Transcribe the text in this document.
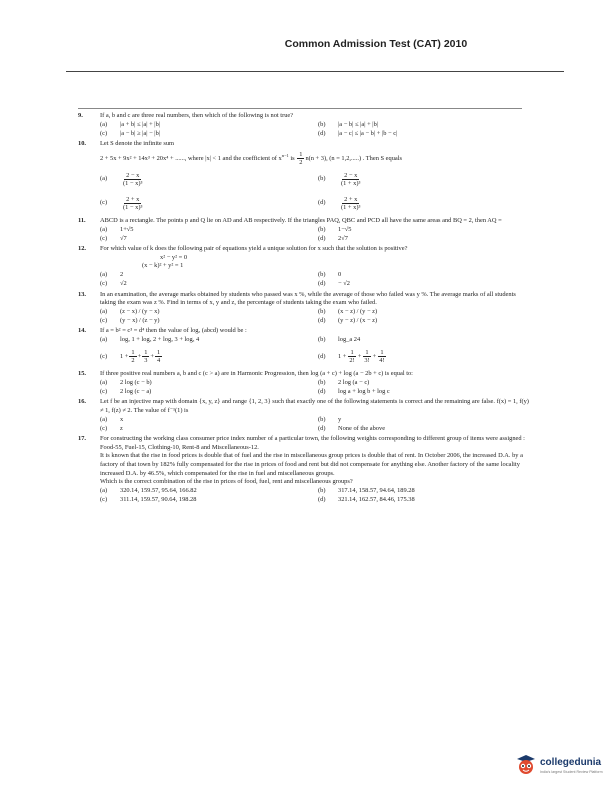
Common Admission Test (CAT) 2010
9.	If a, b and c are three real numbers, then which of the following is not true?

(a)	|a + b| ≤ |a| + |b|	(b)	|a − b| ≤ |a| + |b|
(c)	|a − b| ≥ |a| − |b|	(d)	|a − c| ≤ |a − b| + |b − c|
10. Let S denote the infinite sum

2 + 5x + 9x² + 14x³ + 20x⁴ + ......, where |x| < 1 and the coefficient of $x^{n-1}$ is $\frac{1}{2} n(n + 3)$, (n = 1,2,.....) . Then S equals

(a)	$\frac{2 - x}{\text{(1 − x)³}}$	(b)	$\frac{2 - x}{\text{(1 + x)³}}$
(c)	$\frac{2 + x}{\text{(1 − x)³}}$	(d)	$\frac{2 + x}{\text{(1 + x)³}}$
11. ABCD is a rectangle. The points p and Q lie on AD and AB respectively. If the triangles PAQ, QBC and PCD all have the same areas and BQ = 2, then AQ =

(a)	1+√5	(b)	1−√5
(c)	√7	(d)	2√7
12. For which value of k does the following pair of equations yield a unique solution for x such that the solution is positive?

x² − y² = 0

(x − k)² + y² = 1

(a)	2	(b)	0
(c)	√2	(d)	− √2
13. In an examination, the average marks obtained by students who passed was x %, while the average of those who failed was y %. The average marks of all students taking the exam was z %. Find in terms of x, y and z, the percentage of students taking the exam who failed.

(a)	(z − x) / (y − x)	(b)	(x − z) / (y − z)
(c)	(y − x) / (z − y)	(d)	(y − z) / (x − z)
14. If a = b² = c³ = d⁴ then the value of logₐ (abcd) would be :

(a)	logₐ 1 + logₐ 2 + logₐ 3 + logₐ 4	(b)	log_a 24
(c)	$1 + \frac{1}{2} + \frac{1}{3} + \frac{1}{4}$	(d)	$1 + \frac{1}{2!} + \frac{1}{3!} + \frac{1}{4!}$
15. If three positive real numbers a, b and c (c > a) are in Harmonic Progression, then log (a + c) + log (a − 2b + c) is equal to:

(a)	2 log (c − b)	(b)	2 log (a − c)
(c)	2 log (c − a)	(d)	log a + log b + log c
16. Let f be an injective map with domain {x, y, z} and range {1, 2, 3} such that exactly one of the following statements is correct and the remaining are false. f(x) = 1, f(y) ≠ 1, f(z) ≠ 2. The value of f⁻¹(1) is

(a)	x	(b)	y
(c)	z	(d)	None of the above
17. For constructing the working class consumer price index number of a particular town, the following weights corresponding to different group of items were assigned : Food-55, Fuel-15, Clothing-10, Rent-8 and Miscellaneous-12.

It is known that the rise in food prices is double that of fuel and the rise in miscellaneous group prices is double that of rent. In October 2006, the increased D.A. by a factory of that town by 182% fully compensated for the rise in prices of food and rent but did not compensate for anything else. Another factory of the same locality increased D.A. by 46.5%, which compensated for the rise in fuel and miscellaneous groups.

Which is the correct combination of the rise in prices of food, fuel, rent and miscellaneous groups?

(a)	320.14, 159.57, 95.64, 166.82	(b)	317.14, 158.57, 94.64, 189.28
(c)	311.14, 159.57, 90.64, 198.28	(d)	321.14, 162.57, 84.46, 175.38
collegedunia
India's largest Student Review Platform
